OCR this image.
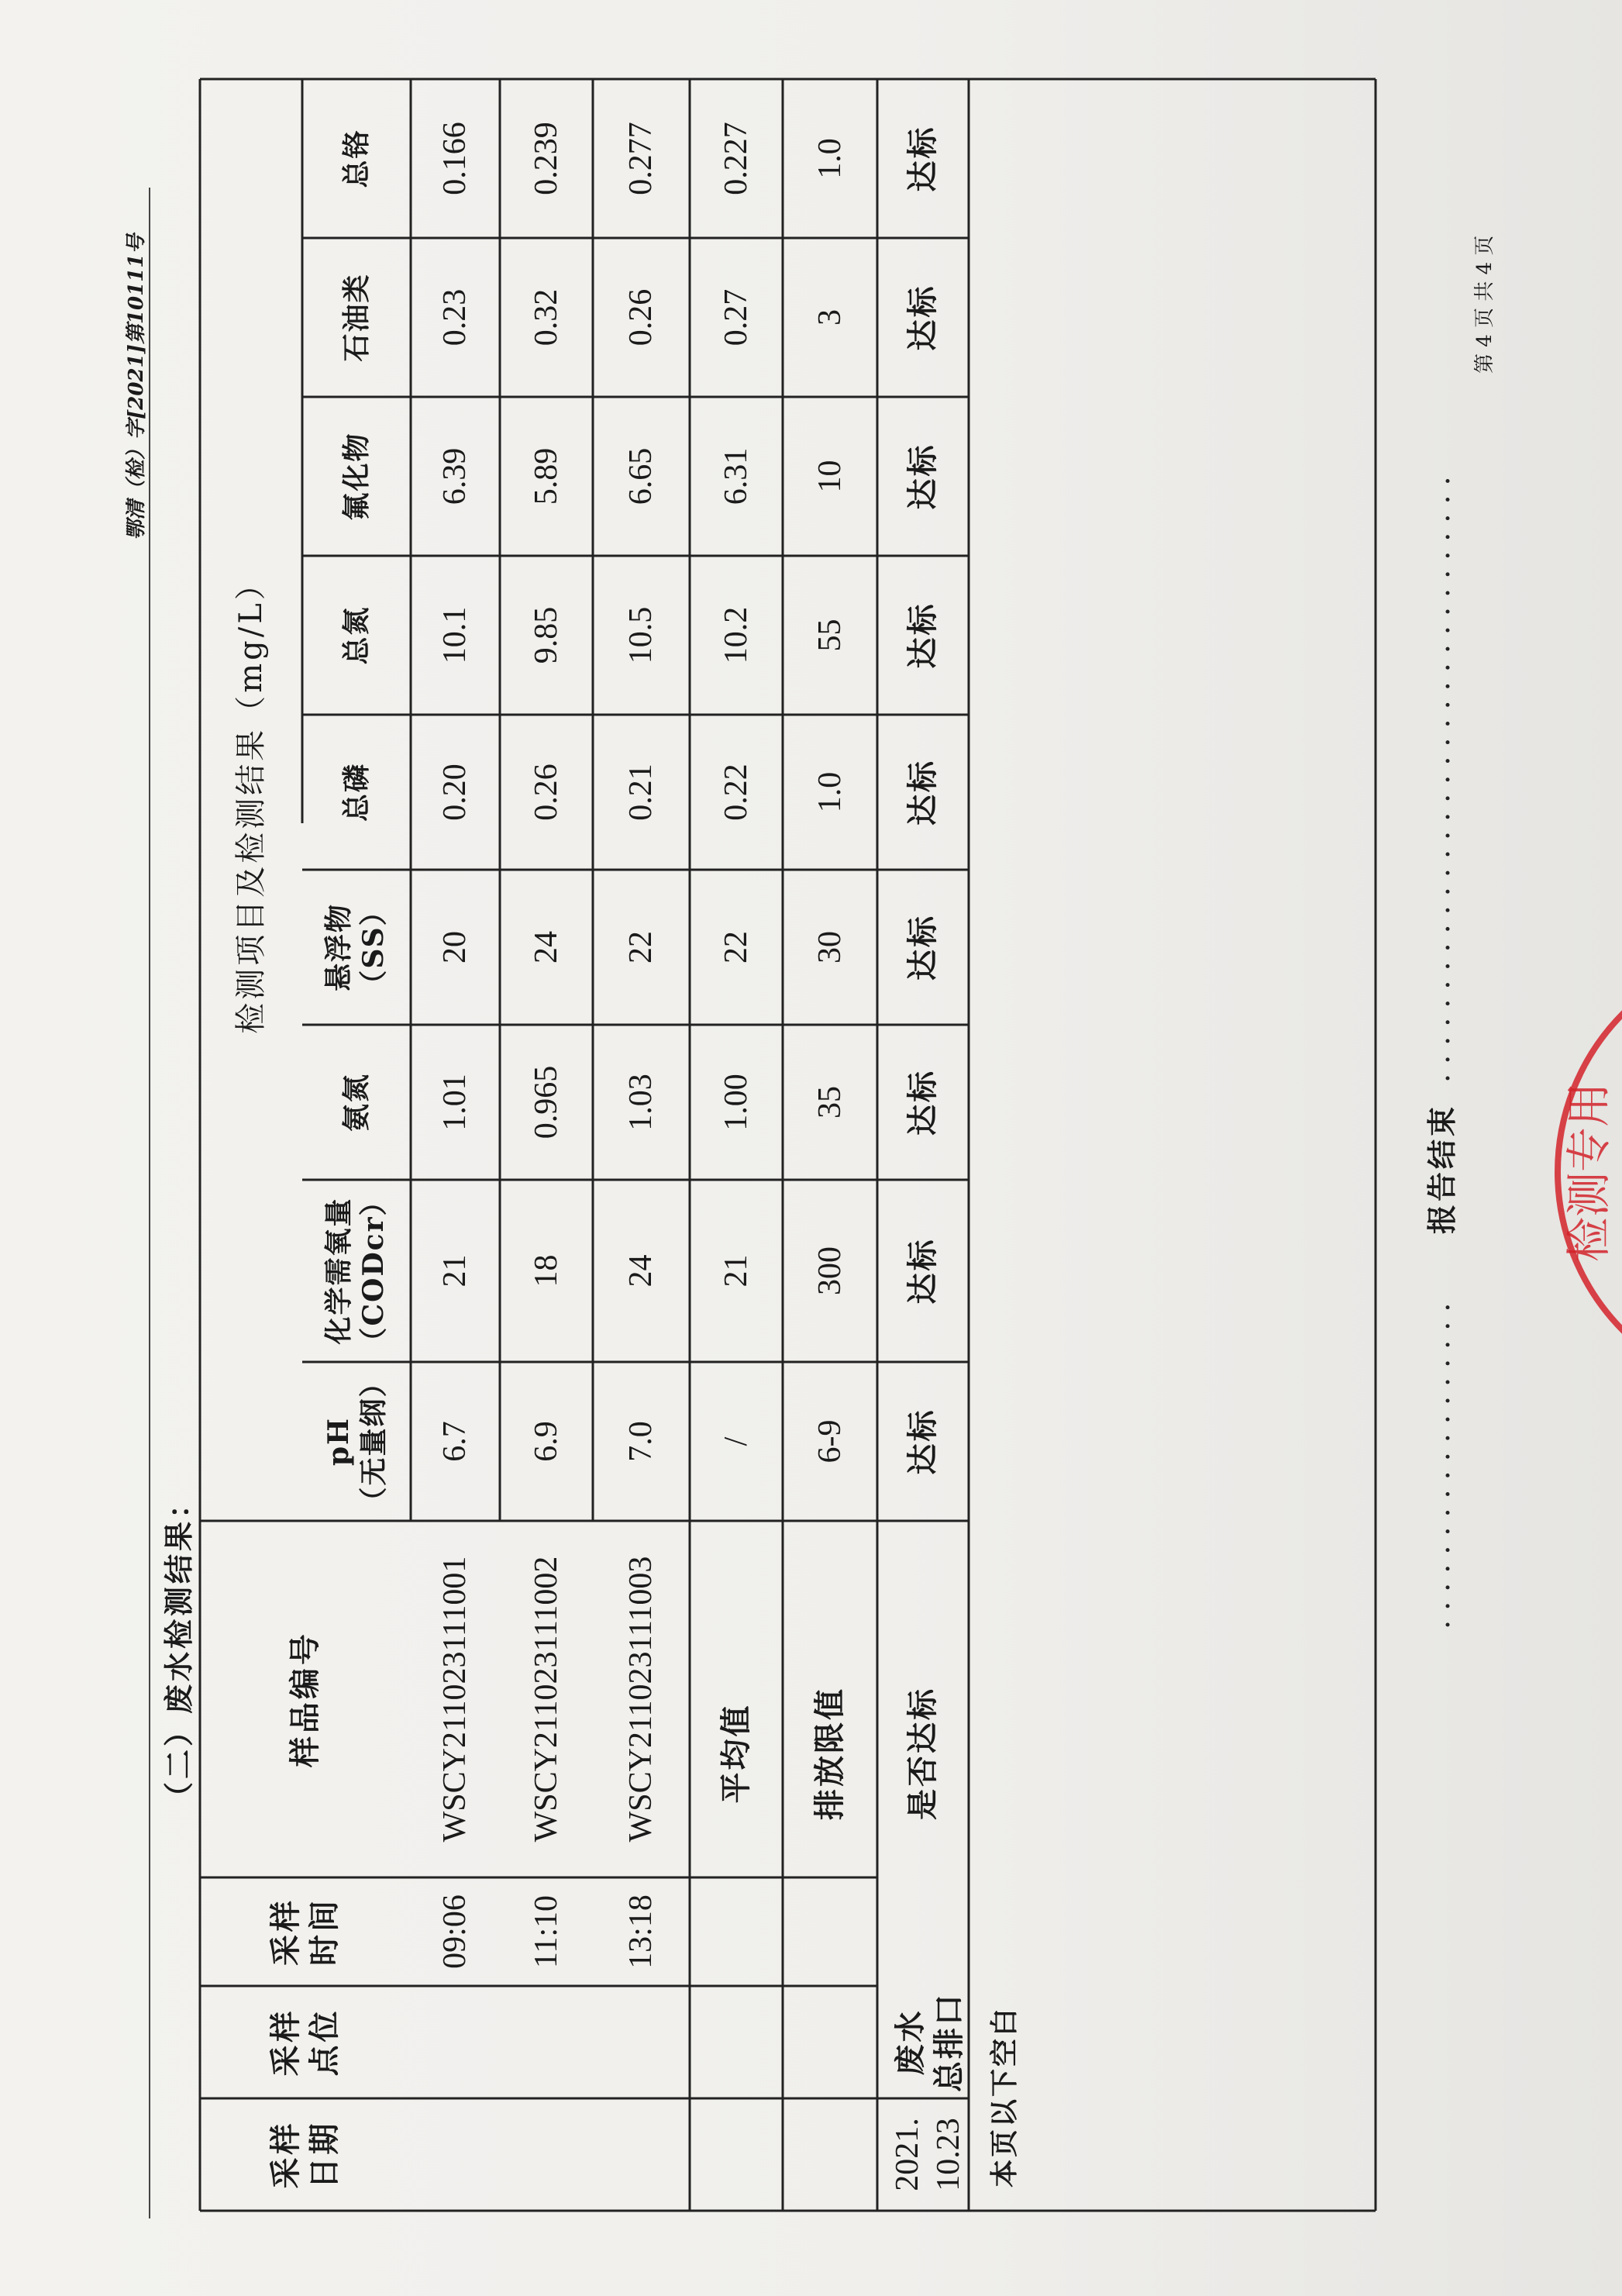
鄂清（检）字[2021]第10111号
（二）废水检测结果：
采样
日期
采样
点位
采样
时间
样品编号
检测项目及检测结果（mg/L）
pH
（无量纲）
化学需氧量
（CODcr）
氨氮
悬浮物
（SS）
总磷
总氮
氟化物
石油类
总铬
2021.
10.23
废水
总排口
09:06
WSCY211023111001
6.7
21
1.01
20
0.20
10.1
6.39
0.23
0.166
11:10
WSCY211023111002
6.9
18
0.965
24
0.26
9.85
5.89
0.32
0.239
13:18
WSCY211023111003
7.0
24
1.03
22
0.21
10.5
6.65
0.26
0.277
平均值
/
21
1.00
22
0.22
10.2
6.31
0.27
0.227
排放限值
6-9
300
35
30
1.0
55
10
3
1.0
是否达标
达标
达标
达标
达标
达标
达标
达标
达标
达标
本页以下空白
..................
报告结束
.................................
第 4 页 共 4 页
检测专用
